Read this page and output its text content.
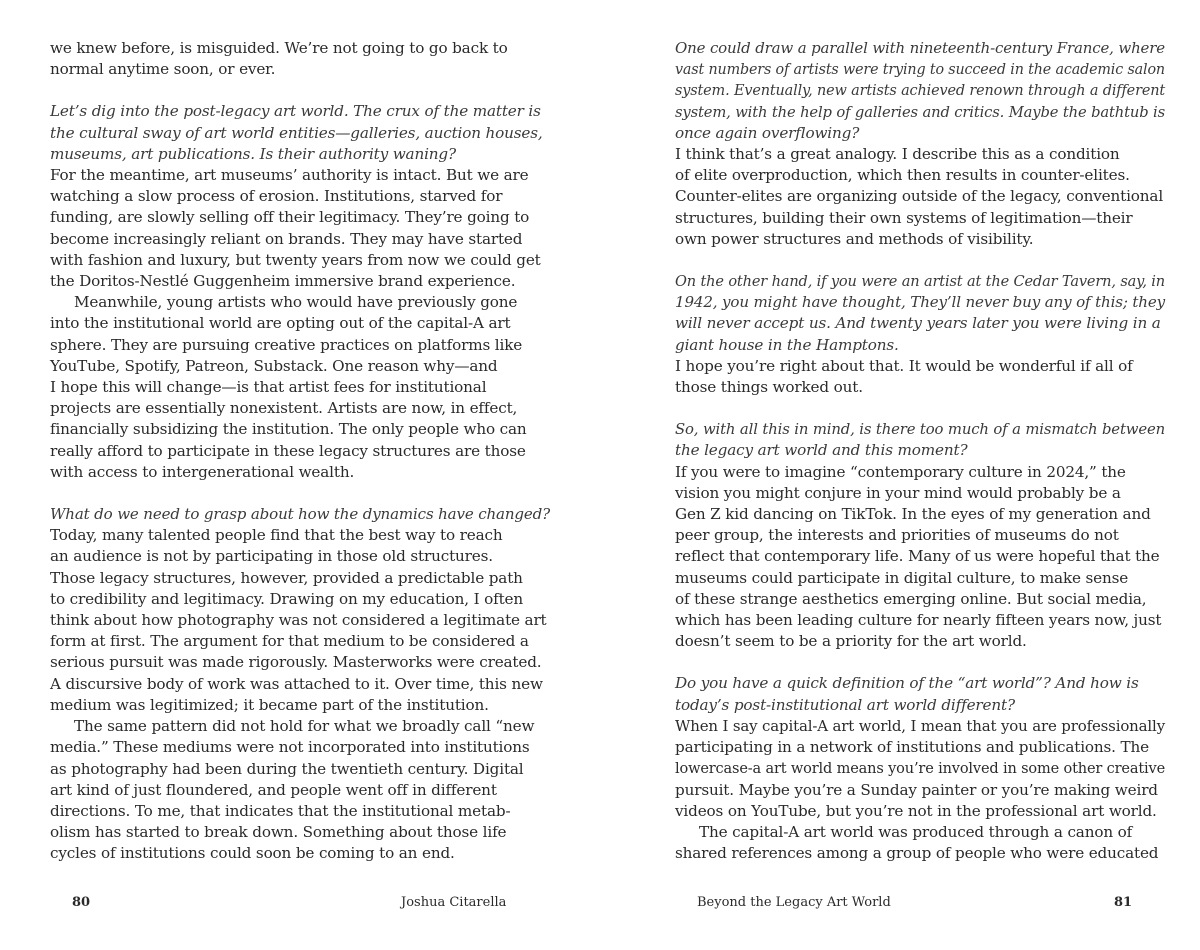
we knew before, is misguided. We’re not going to go back to
normal anytime soon, or ever.
Let’s dig into the post-legacy art world. The crux of the matter is
the cultural sway of art world entities—galleries, auction houses,
museums, art publications. Is their authority waning?
For the meantime, art museums’ authority is intact. But we are
watching a slow process of erosion. Institutions, starved for
funding, are slowly selling off their legitimacy. They’re going to
become increasingly reliant on brands. They may have started
with fashion and luxury, but twenty years from now we could get
the Doritos-Nestlé Guggenheim immersive brand experience.
Meanwhile, young artists who would have previously gone
into the institutional world are opting out of the capital-A art
sphere. They are pursuing creative practices on platforms like
YouTube, Spotify, Patreon, Substack. One reason why—and
I hope this will change—is that artist fees for institutional
projects are essentially nonexistent. Artists are now, in effect,
financially subsidizing the institution. The only people who can
really afford to participate in these legacy structures are those
with access to intergenerational wealth.
What do we need to grasp about how the dynamics have changed?
Today, many talented people find that the best way to reach
an audience is not by participating in those old structures.
Those legacy structures, however, provided a predictable path
to credibility and legitimacy. Drawing on my education, I often
think about how photography was not considered a legitimate art
form at first. The argument for that medium to be considered a
serious pursuit was made rigorously. Masterworks were created.
A discursive body of work was attached to it. Over time, this new
medium was legitimized; it became part of the institution.
The same pattern did not hold for what we broadly call “new
media.” These mediums were not incorporated into institutions
as photography had been during the twentieth century. Digital
art kind of just floundered, and people went off in different
directions. To me, that indicates that the institutional metab-
olism has started to break down. Something about those life
cycles of institutions could soon be coming to an end.
One could draw a parallel with nineteenth-century France, where
vast numbers of artists were trying to succeed in the academic salon
system. Eventually, new artists achieved renown through a different
system, with the help of galleries and critics. Maybe the bathtub is
once again overflowing?
I think that’s a great analogy. I describe this as a condition
of elite overproduction, which then results in counter-elites.
Counter-elites are organizing outside of the legacy, conventional
structures, building their own systems of legitimation—their
own power structures and methods of visibility.
On the other hand, if you were an artist at the Cedar Tavern, say, in
1942, you might have thought, They’ll never buy any of this; they
will never accept us. And twenty years later you were living in a
giant house in the Hamptons.
I hope you’re right about that. It would be wonderful if all of
those things worked out.
So, with all this in mind, is there too much of a mismatch between
the legacy art world and this moment?
If you were to imagine “contemporary culture in 2024,” the
vision you might conjure in your mind would probably be a
Gen Z kid dancing on TikTok. In the eyes of my generation and
peer group, the interests and priorities of museums do not
reflect that contemporary life. Many of us were hopeful that the
museums could participate in digital culture, to make sense
of these strange aesthetics emerging online. But social media,
which has been leading culture for nearly fifteen years now, just
doesn’t seem to be a priority for the art world.
Do you have a quick definition of the “art world”? And how is
today’s post-institutional art world different?
When I say capital-A art world, I mean that you are professionally
participating in a network of institutions and publications. The
lowercase-a art world means you’re involved in some other creative
pursuit. Maybe you’re a Sunday painter or you’re making weird
videos on YouTube, but you’re not in the professional art world.
The capital-A art world was produced through a canon of
shared references among a group of people who were educated
80	Joshua Citarella	Beyond the Legacy Art World	81
